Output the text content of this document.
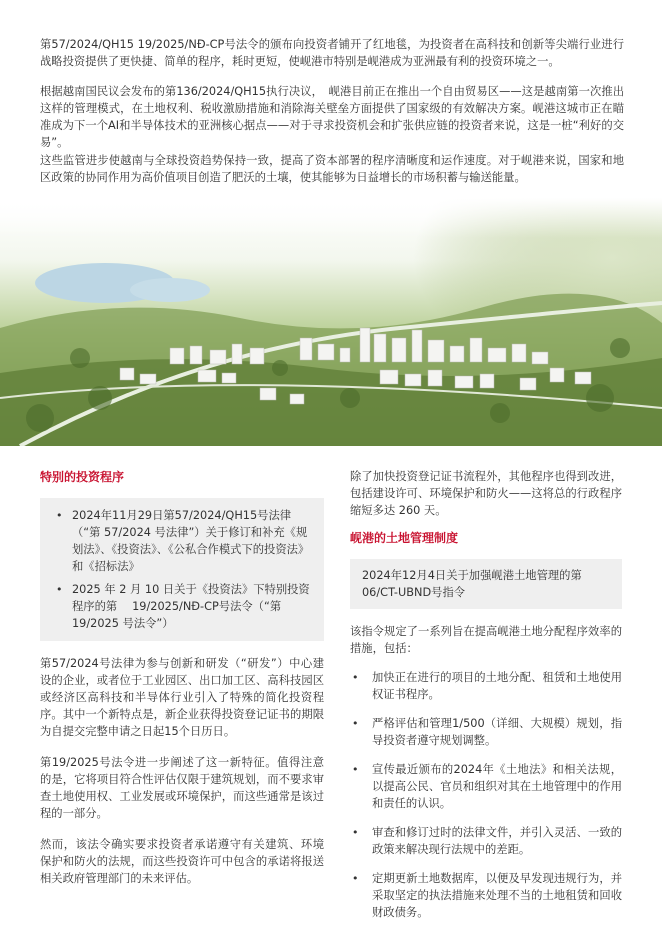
第57/2024/QH15 19/2025/NĐ-CP号法令的颁布向投资者铺开了红地毯，为投资者在高科技和创新等尖端行业进行战略投资提供了更快捷、简单的程序，耗时更短，使岘港市特别是岘港成为亚洲最有利的投资环境之一。

根据越南国民议会发布的第136/2024/QH15执行决议，　岘港目前正在推出一个自由贸易区——这是越南第一次推出这样的管理模式，在土地权利、税收激励措施和消除海关壁垒方面提供了国家级的有效解决方案。岘港这城市正在瞄准成为下一个AI和半导体技术的亚洲核心据点——对于寻求投资机会和扩张供应链的投资者来说，这是一桩“利好的交易”。

这些监管进步使越南与全球投资趋势保持一致，提高了资本部署的程序清晰度和运作速度。对于岘港来说，国家和地区政策的协同作用为高价值项目创造了肥沃的土壤，使其能够为日益增长的市场积蓄与输送能量。

特别的投资程序
• 2024年11月29日第57/2024/QH15号法律（“第 57/2024 号法律”）关于修订和补充《规划法》、《投资法》、《公私合作模式下的投资法》和《招标法》
• 2025 年 2 月 10 日关于《投资法》下特别投资程序的第　 19/2025/NĐ-CP号法令（“第 19/2025 号法令”）

第57/2024号法律为参与创新和研发（“研发”）中心建设的企业，或者位于工业园区、出口加工区、高科技园区或经济区高科技和半导体行业引入了特殊的简化投资程序。其中一个新特点是，新企业获得投资登记证书的期限为自提交完整申请之日起15个日历日。

第19/2025号法令进一步阐述了这一新特征。值得注意的是，它将项目符合性评估仅限于建筑规划，而不要求审查土地使用权、工业发展或环境保护，而这些通常是该过程的一部分。

然而，该法令确实要求投资者承诺遵守有关建筑、环境 保护和防火的法规，而这些投资许可中包含的承诺将报送相关政府管理部门的未来评估。

除了加快投资登记证书流程外，其他程序也得到改进，包括建设许可、环境保护和防火——这将总的行政程序缩短多达 260 天。

岘港的土地管理制度
2024年12月4日关于加强岘港土地管理的第06/CT-UBND号指令

该指令规定了一系列旨在提高岘港土地分配程序效率的措施，包括：

• 加快正在进行的项目的土地分配、租赁和土地使用权证书程序。
• 严格评估和管理1/500（详细、大规模）规划，指导投资者遵守规划调整。
• 宣传最近颁布的2024年《土地法》和相关法规，以提高公民、官员和组织对其在土地管理中的作用和责任的认识。
• 审查和修订过时的法律文件，并引入灵活、一致的政策来解决现行法规中的差距。
• 定期更新土地数据库，以便及早发现违规行为，并采取坚定的执法措施来处理不当的土地租赁和回收财政债务。
